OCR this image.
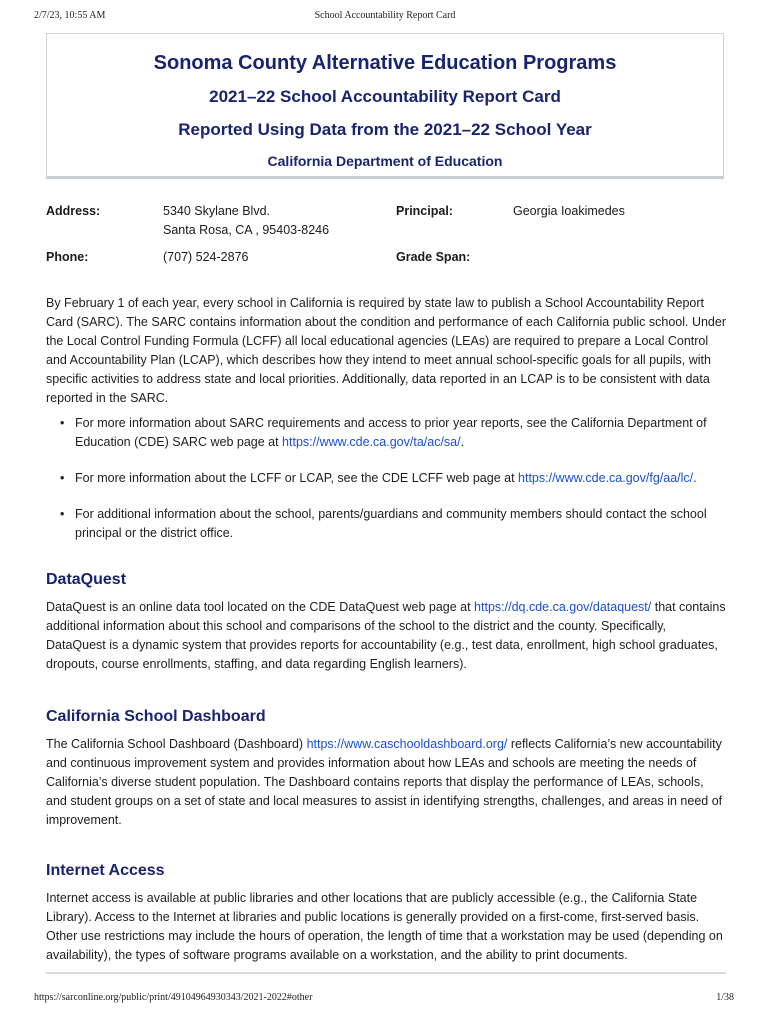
2/7/23, 10:55 AM	School Accountability Report Card
Sonoma County Alternative Education Programs
2021–22 School Accountability Report Card
Reported Using Data from the 2021–22 School Year
California Department of Education
Address:	5340 Skylane Blvd.
Santa Rosa, CA , 95403-8246
Principal:	Georgia Ioakimedes
Phone:	(707) 524-2876	Grade Span:
By February 1 of each year, every school in California is required by state law to publish a School Accountability Report Card (SARC). The SARC contains information about the condition and performance of each California public school. Under the Local Control Funding Formula (LCFF) all local educational agencies (LEAs) are required to prepare a Local Control and Accountability Plan (LCAP), which describes how they intend to meet annual school-specific goals for all pupils, with specific activities to address state and local priorities. Additionally, data reported in an LCAP is to be consistent with data reported in the SARC.
• For more information about SARC requirements and access to prior year reports, see the California Department of Education (CDE) SARC web page at https://www.cde.ca.gov/ta/ac/sa/.
• For more information about the LCFF or LCAP, see the CDE LCFF web page at https://www.cde.ca.gov/fg/aa/lc/.
• For additional information about the school, parents/guardians and community members should contact the school principal or the district office.
DataQuest
DataQuest is an online data tool located on the CDE DataQuest web page at https://dq.cde.ca.gov/dataquest/ that contains additional information about this school and comparisons of the school to the district and the county. Specifically, DataQuest is a dynamic system that provides reports for accountability (e.g., test data, enrollment, high school graduates, dropouts, course enrollments, staffing, and data regarding English learners).
California School Dashboard
The California School Dashboard (Dashboard) https://www.caschooldashboard.org/ reflects California’s new accountability and continuous improvement system and provides information about how LEAs and schools are meeting the needs of California’s diverse student population. The Dashboard contains reports that display the performance of LEAs, schools, and student groups on a set of state and local measures to assist in identifying strengths, challenges, and areas in need of improvement.
Internet Access
Internet access is available at public libraries and other locations that are publicly accessible (e.g., the California State Library). Access to the Internet at libraries and public locations is generally provided on a first-come, first-served basis. Other use restrictions may include the hours of operation, the length of time that a workstation may be used (depending on availability), the types of software programs available on a workstation, and the ability to print documents.
https://sarconline.org/public/print/49104964930343/2021-2022#other	1/38
